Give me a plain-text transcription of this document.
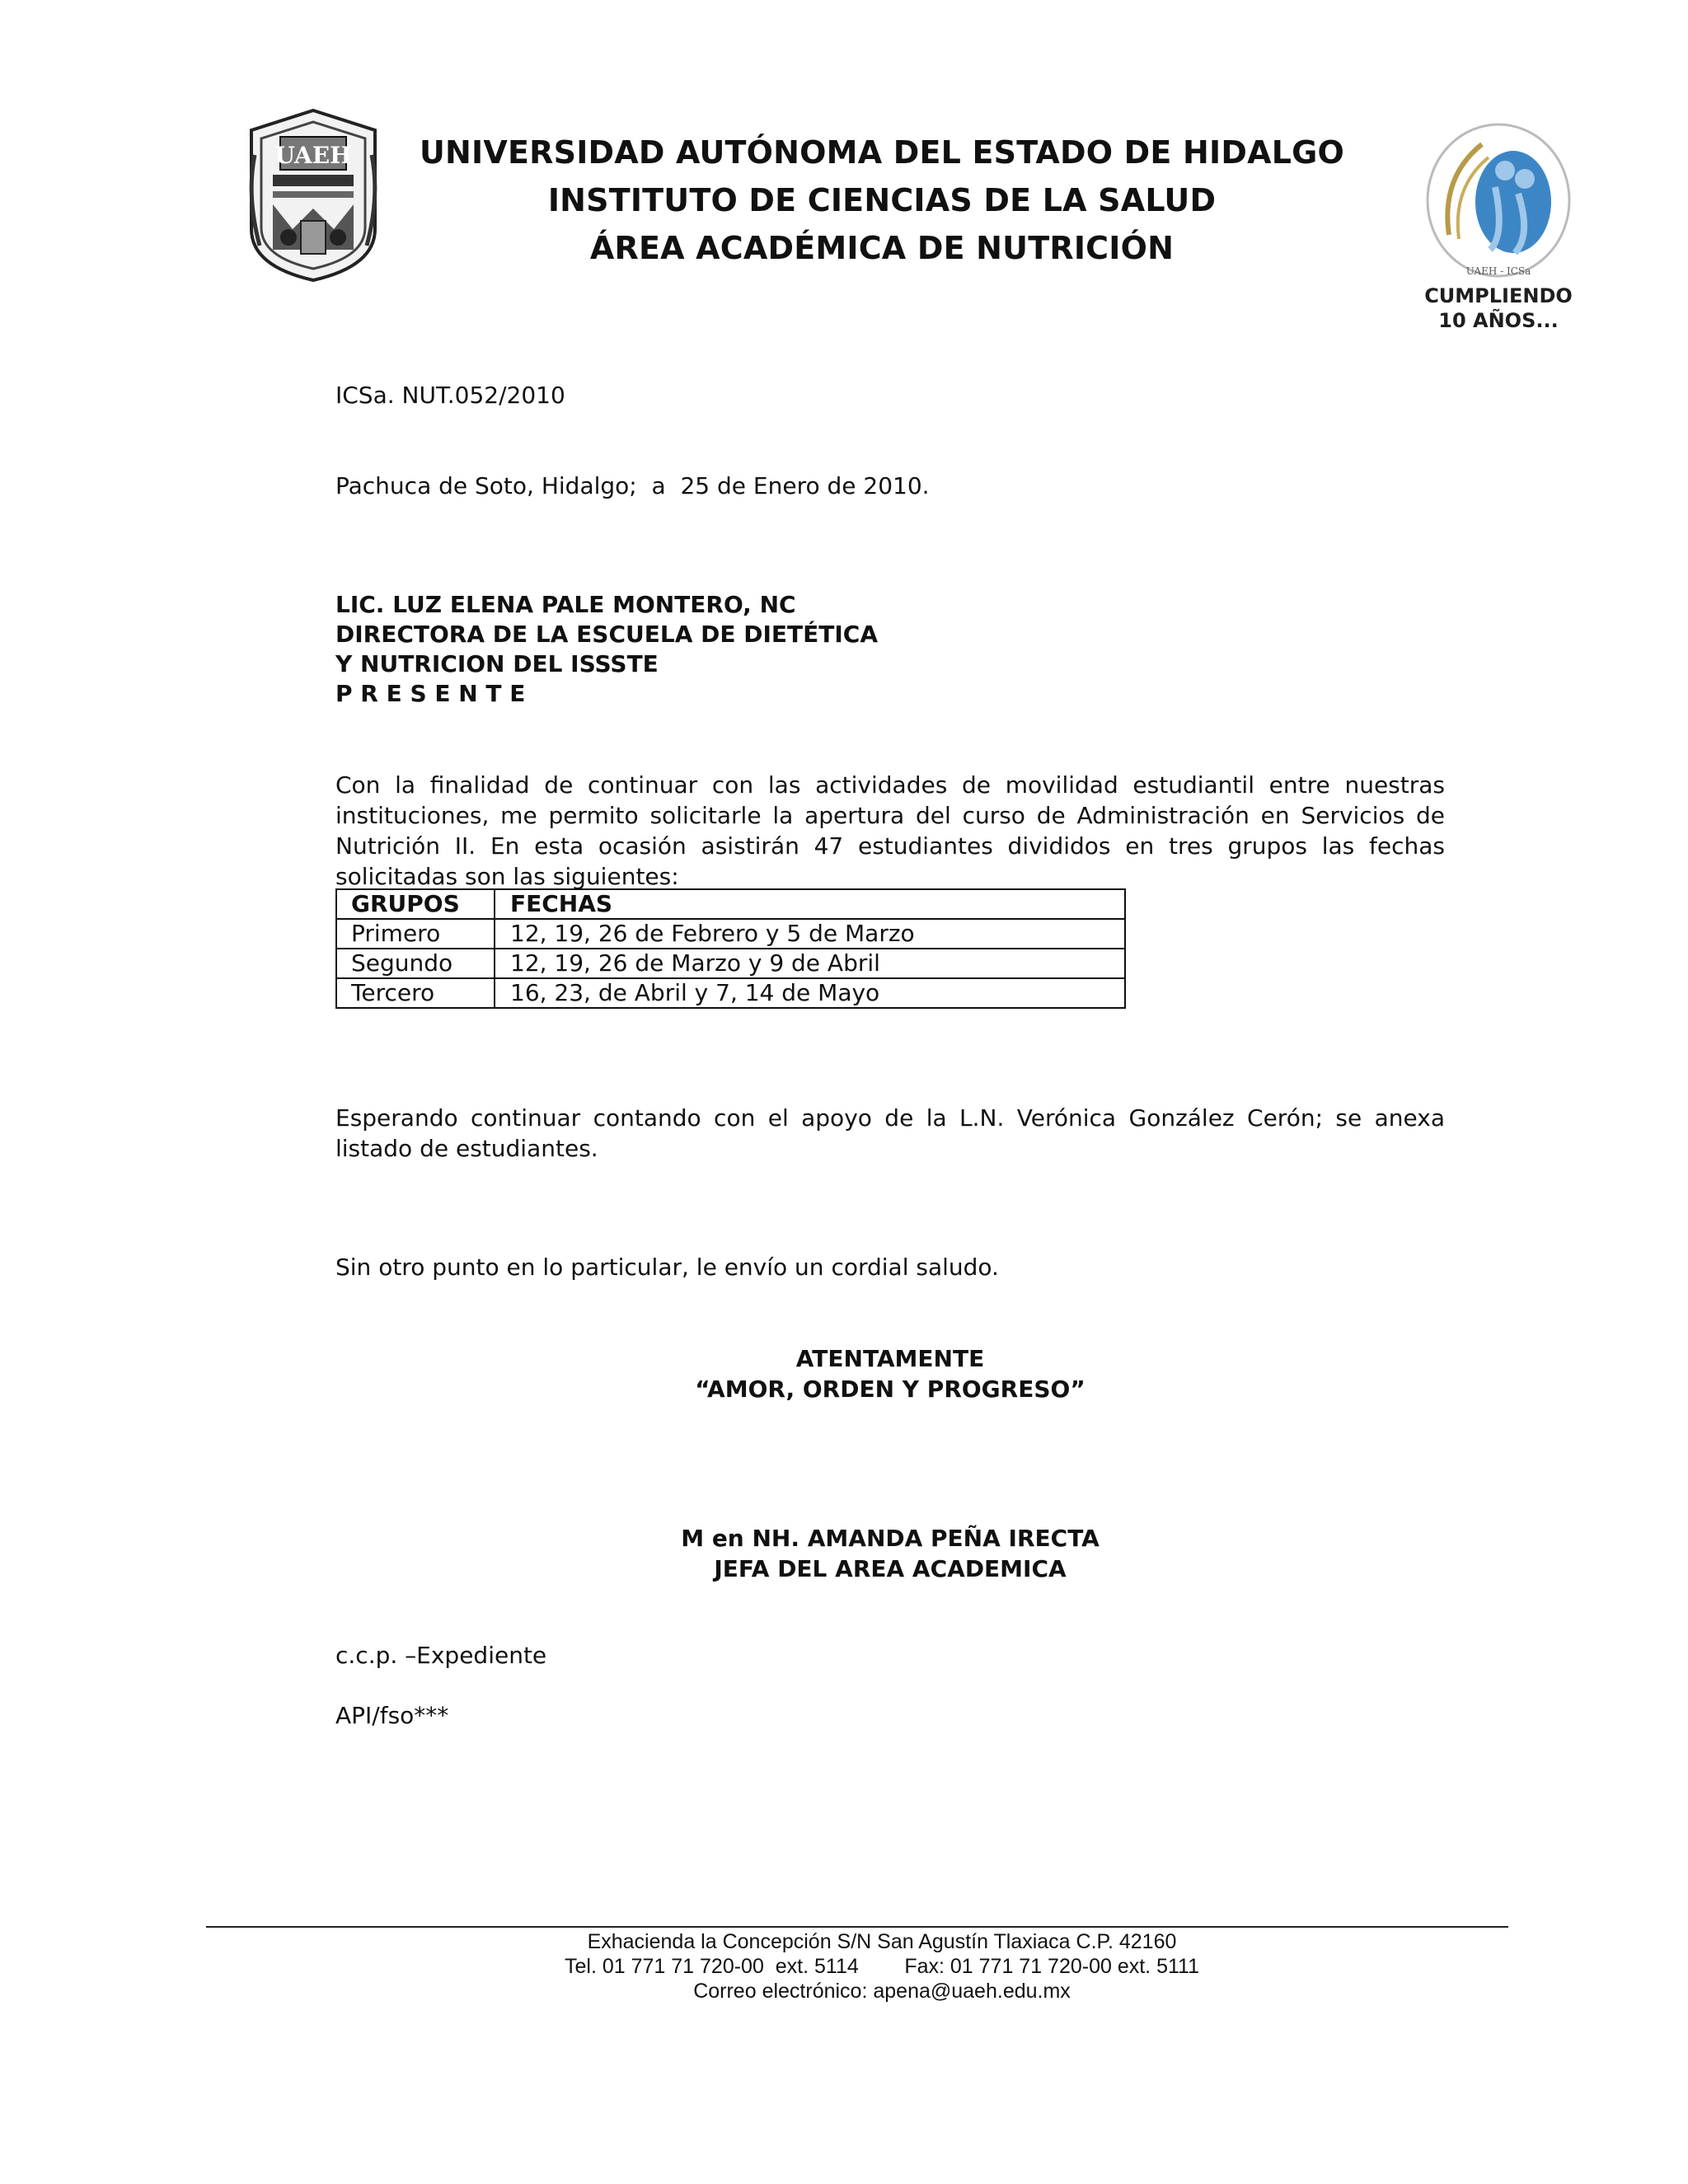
UAEH	UNIVERSIDAD AUTÓNOMA DEL ESTADO DE HIDALGO
INSTITUTO DE CIENCIAS DE LA SALUD
ÁREA ACADÉMICA DE NUTRICIÓN
UAEH - ICSa
CUMPLIENDO
10 AÑOS...
ICSa. NUT.052/2010
Pachuca de Soto, Hidalgo;  a  25 de Enero de 2010.
LIC. LUZ ELENA PALE MONTERO, NC
DIRECTORA DE LA ESCUELA DE DIETÉTICA
Y NUTRICION DEL ISSSTE
P R E S E N T E
Con la finalidad de continuar con las actividades de movilidad estudiantil entre nuestras instituciones, me permito solicitarle la apertura del curso de Administración en Servicios de Nutrición II. En esta ocasión asistirán 47 estudiantes divididos en tres grupos las fechas solicitadas son las siguientes:
GRUPOS	FECHAS
Primero	12, 19, 26 de Febrero y 5 de Marzo
Segundo	12, 19, 26 de Marzo y 9 de Abril
Tercero	16, 23, de Abril y 7, 14 de Mayo
Esperando continuar contando con el apoyo de la L.N. Verónica González Cerón; se anexa listado de estudiantes.
Sin otro punto en lo particular, le envío un cordial saludo.
ATENTAMENTE
“AMOR, ORDEN Y PROGRESO”
M en NH. AMANDA PEÑA IRECTA
JEFA DEL AREA ACADEMICA
c.c.p. –Expediente
API/fso***
Exhacienda la Concepción S/N San Agustín Tlaxiaca C.P. 42160
Tel. 01 771 71 720-00  ext. 5114        Fax: 01 771 71 720-00 ext. 5111
Correo electrónico: apena@uaeh.edu.mx
